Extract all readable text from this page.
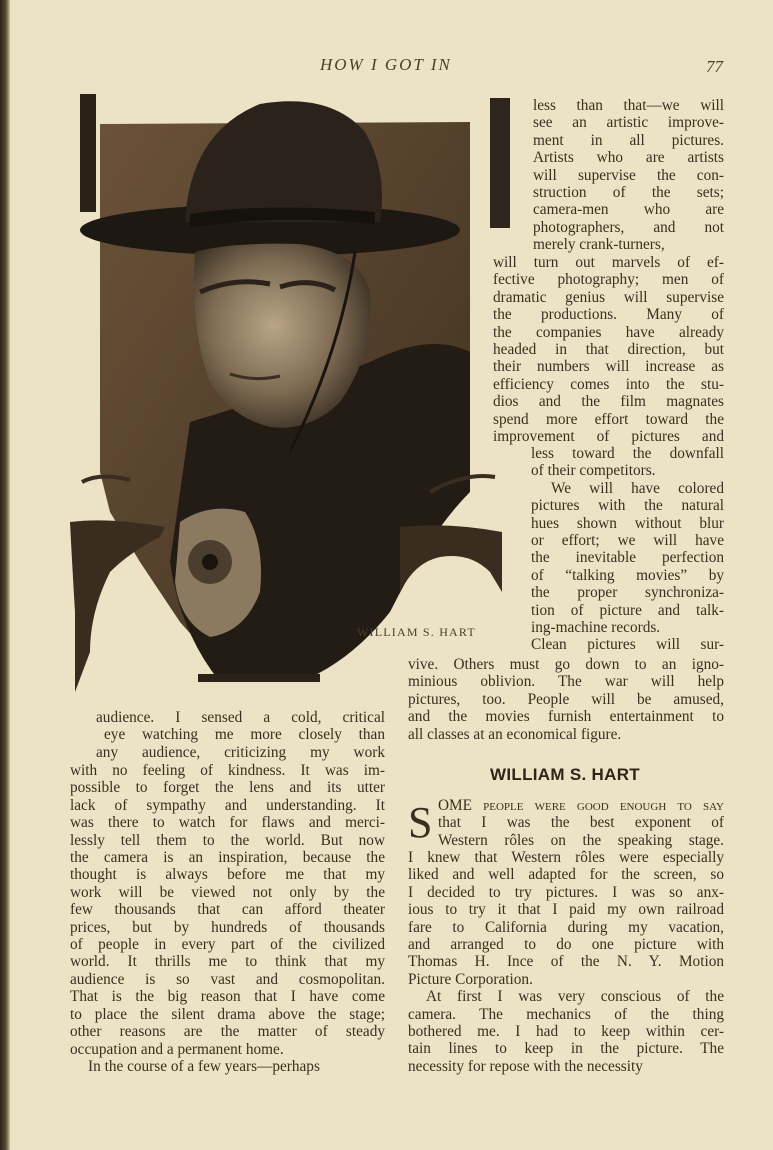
HOW I GOT IN	77
WILLIAM S. HART
less than that—we will
see an artistic improve-
ment in all pictures.
Artists who are artists
will supervise the con-
struction of the sets;
camera-men who are
photographers, and not
merely crank-turners,
will turn out marvels of ef-
fective photography; men of
dramatic genius will supervise
the productions. Many of
the companies have already
headed in that direction, but
their numbers will increase as
efficiency comes into the stu-
dios and the film magnates
spend more effort toward the
improvement of pictures and
less toward the downfall
of their competitors.
We will have colored
pictures with the natural
hues shown without blur
or effort; we will have
the inevitable perfection
of “talking movies” by
the proper synchroniza-
tion of picture and talk-
ing-machine records.
Clean pictures will sur-
vive. Others must go down to an igno-
minious oblivion. The war will help
pictures, too. People will be amused,
and the movies furnish entertainment to
all classes at an economical figure.
audience. I sensed a cold, critical
eye watching me more closely than
any audience, criticizing my work
with no feeling of kindness. It was im-
possible to forget the lens and its utter
lack of sympathy and understanding. It
was there to watch for flaws and merci-
lessly tell them to the world. But now
the camera is an inspiration, because the
thought is always before me that my
work will be viewed not only by the
few thousands that can afford theater
prices, but by hundreds of thousands
of people in every part of the civilized
world. It thrills me to think that my
audience is so vast and cosmopolitan.
That is the big reason that I have come
to place the silent drama above the stage;
other reasons are the matter of steady
occupation and a permanent home.
In the course of a few years—perhaps
WILLIAM S. HART
S OME people were good enough to say
that I was the best exponent of
Western rôles on the speaking stage.
I knew that Western rôles were especially
liked and well adapted for the screen, so
I decided to try pictures. I was so anx-
ious to try it that I paid my own railroad
fare to California during my vacation,
and arranged to do one picture with
Thomas H. Ince of the N. Y. Motion
Picture Corporation.
At first I was very conscious of the
camera. The mechanics of the thing
bothered me. I had to keep within cer-
tain lines to keep in the picture. The
necessity for repose with the necessity
